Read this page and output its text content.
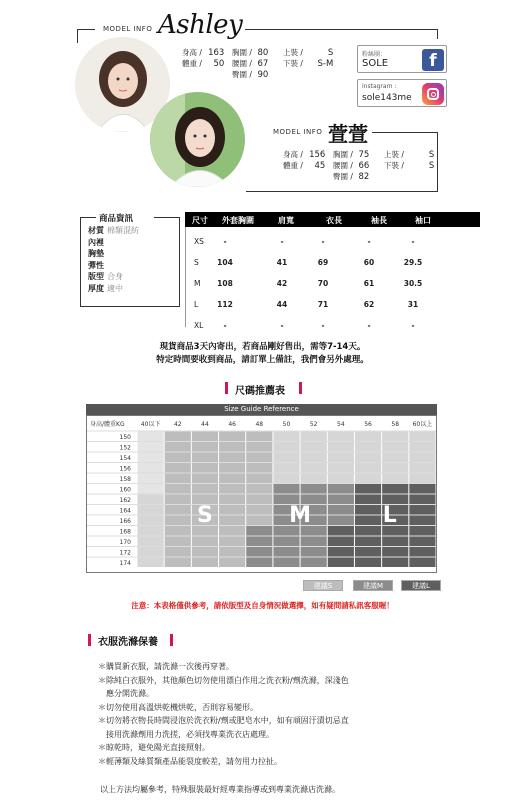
MODEL INFO Ashley
身高 / 163 胸圍 / 80 上裝 /	S
體重 / 50 腰圍 / 67 下裝 / S-M
臀圍 / 90
粉絲團：
SOLE	f
instagram :
sole143me
MODEL INFO 萱萱
身高 / 156 胸圍 / 75 上裝 /	S
體重 / 45 腰圍 / 66 下裝 /	S
臀圍 / 82
商品資訊
材質 棉類混紡
內裡
胸墊
彈性
版型 合身
厚度 適中
尺寸	外套胸圍	肩寬	衣長	袖長	袖口
XS	-	-	-	-	-
S	104	41	69	60	29.5
M	108	42	70	61	30.5
L	112	44	71	62	31
XL	-	-	-	-	-
現貨商品3天內寄出，若商品剛好售出，需等7-14天。
特定時間要收到商品，請訂單上備註，我們會另外處理。
尺碼推薦表
Size Guide Reference
身高/體重KG	40以下 42	44	46	48	50	52	54	56	58 60以上
150
152
154
156
158
160
162
164
166
168
170
172
174
S	M	L
建議S	建議M	建議L
注意：本表格僅供參考，請依版型及自身情況做選擇，如有疑問請私訊客服喔！
衣服洗滌保養
＊購買新衣服，請洗滌一次後再穿著。
＊除純白衣服外，其他顏色切勿使用漂白作用之洗衣粉/劑洗滌，深淺色
　應分開洗滌。
＊切勿使用高溫烘乾機烘乾，否則容易變形。
＊切勿將衣物長時間浸泡於洗衣粉/劑或肥皂水中，如有頑固汙漬切忌直
　接用洗滌劑用力洗搓，必須找專業洗衣店處理。
＊晾乾時，避免陽光直接照射。
＊輕薄類及絲質類產品能裂度較差，請勿用力拉扯。
以上方法均屬參考，特殊服裝最好經專業指導或到專業洗滌店洗滌。
